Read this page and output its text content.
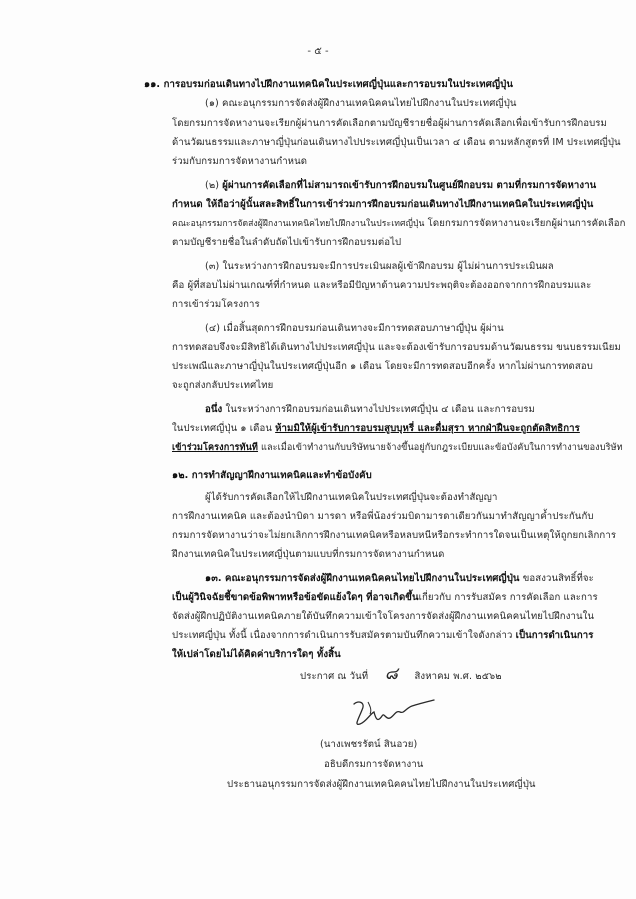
- ๕ -
๑๑. การอบรมก่อนเดินทางไปฝึกงานเทคนิคในประเทศญี่ปุ่นและการอบรมในประเทศญี่ปุ่น
(๑) คณะอนุกรรมการจัดส่งผู้ฝึกงานเทคนิคคนไทยไปฝึกงานในประเทศญี่ปุ่น
โดยกรมการจัดหางานจะเรียกผู้ผ่านการคัดเลือกตามบัญชีรายชื่อผู้ผ่านการคัดเลือกเพื่อเข้ารับการฝึกอบรม
ด้านวัฒนธรรมและภาษาญี่ปุ่นก่อนเดินทางไปประเทศญี่ปุ่นเป็นเวลา ๔ เดือน ตามหลักสูตรที่ IM ประเทศญี่ปุ่น
ร่วมกับกรมการจัดหางานกำหนด
(๒) ผู้ผ่านการคัดเลือกที่ไม่สามารถเข้ารับการฝึกอบรมในศูนย์ฝึกอบรม ตามที่กรมการจัดหางาน
กำหนด ให้ถือว่าผู้นั้นสละสิทธิ์ในการเข้าร่วมการฝึกอบรมก่อนเดินทางไปฝึกงานเทคนิคในประเทศญี่ปุ่น
คณะอนุกรรมการจัดส่งผู้ฝึกงานเทคนิคไทยไปฝึกงานในประเทศญี่ปุ่น โดยกรมการจัดหางานจะเรียกผู้ผ่านการคัดเลือก
ตามบัญชีรายชื่อในลำดับถัดไปเข้ารับการฝึกอบรมต่อไป
(๓) ในระหว่างการฝึกอบรมจะมีการประเมินผลผู้เข้าฝึกอบรม ผู้ไม่ผ่านการประเมินผล
คือ ผู้ที่สอบไม่ผ่านเกณฑ์ที่กำหนด และหรือมีปัญหาด้านความประพฤติจะต้องออกจากการฝึกอบรมและ
การเข้าร่วมโครงการ
(๔) เมื่อสิ้นสุดการฝึกอบรมก่อนเดินทางจะมีการทดสอบภาษาญี่ปุ่น ผู้ผ่าน
การทดสอบจึงจะมีสิทธิได้เดินทางไปประเทศญี่ปุ่น และจะต้องเข้ารับการอบรมด้านวัฒนธรรม ขนบธรรมเนียม
ประเพณีและภาษาญี่ปุ่นในประเทศญี่ปุ่นอีก ๑ เดือน โดยจะมีการทดสอบอีกครั้ง หากไม่ผ่านการทดสอบ
จะถูกส่งกลับประเทศไทย
อนึ่ง ในระหว่างการฝึกอบรมก่อนเดินทางไปประเทศญี่ปุ่น ๔ เดือน และการอบรม
ในประเทศญี่ปุ่น ๑ เดือน ห้ามมิให้ผู้เข้ารับการอบรมสูบบุหรี่ และดื่มสุรา หากฝ่าฝืนจะถูกตัดสิทธิการ
เข้าร่วมโครงการทันที และเมื่อเข้าทำงานกับบริษัทนายจ้างขึ้นอยู่กับกฎระเบียบและข้อบังคับในการทำงานของบริษัท
๑๒. การทำสัญญาฝึกงานเทคนิคและทำข้อบังคับ
ผู้ได้รับการคัดเลือกให้ไปฝึกงานเทคนิคในประเทศญี่ปุ่นจะต้องทำสัญญา
การฝึกงานเทคนิค และต้องนำบิดา มารดา หรือพี่น้องร่วมบิดามารดาเดียวกันมาทำสัญญาค้ำประกันกับ
กรมการจัดหางานว่าจะไม่ยกเลิกการฝึกงานเทคนิคหรือหลบหนีหรือกระทำการใดจนเป็นเหตุให้ถูกยกเลิกการ
ฝึกงานเทคนิคในประเทศญี่ปุ่นตามแบบที่กรมการจัดหางานกำหนด
๑๓. คณะอนุกรรมการจัดส่งผู้ฝึกงานเทคนิคคนไทยไปฝึกงานในประเทศญี่ปุ่น ขอสงวนสิทธิ์ที่จะ
เป็นผู้วินิจฉัยชี้ขาดข้อพิพาทหรือข้อขัดแย้งใดๆ ที่อาจเกิดขึ้นเกี่ยวกับ การรับสมัคร การคัดเลือก และการ
จัดส่งผู้ฝึกปฏิบัติงานเทคนิคภายใต้บันทึกความเข้าใจโครงการจัดส่งผู้ฝึกงานเทคนิคคนไทยไปฝึกงานใน
ประเทศญี่ปุ่น ทั้งนี้ เนื่องจากการดำเนินการรับสมัครตามบันทึกความเข้าใจดังกล่าว เป็นการดำเนินการ
ให้เปล่าโดยไม่ได้คิดค่าบริการใดๆ ทั้งสิ้น
ประกาศ ณ วันที่ ๘ สิงหาคม พ.ศ. ๒๕๖๒
(นางเพชรรัตน์ สินอวย)
อธิบดีกรมการจัดหางาน
ประธานอนุกรรมการจัดส่งผู้ฝึกงานเทคนิคคนไทยไปฝึกงานในประเทศญี่ปุ่น
